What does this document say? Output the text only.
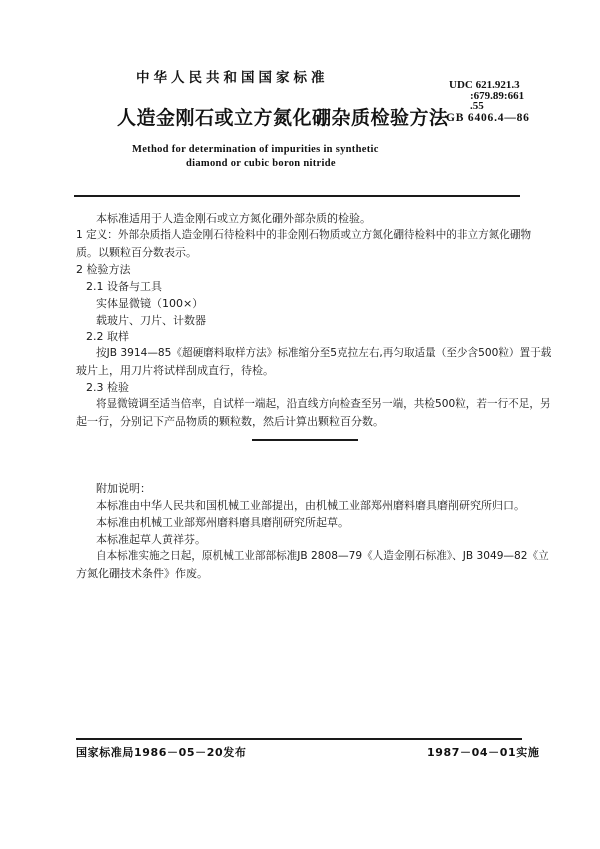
中华人民共和国国家标准
人造金刚石或立方氮化硼杂质检验方法
UDC 621.921.3
:679.89:661
.55
GB 6406.4—86
Method for determination of impurities in synthetic
diamond or cubic boron nitride
本标准适用于人造金刚石或立方氮化硼外部杂质的检验。
1 定义：外部杂质指人造金刚石待检料中的非金刚石物质或立方氮化硼待检料中的非立方氮化硼物
质。以颗粒百分数表示。
2 检验方法
2.1 设备与工具
实体显微镜（100×）
载玻片、刀片、计数器
2.2 取样
按JB 3914—85《超硬磨料取样方法》标准缩分至5克拉左右,再匀取适量（至少含500粒）置于载
玻片上，用刀片将试样刮成直行，待检。
2.3 检验
将显微镜调至适当倍率，自试样一端起，沿直线方向检查至另一端，共检500粒，若一行不足，另
起一行，分别记下产品物质的颗粒数，然后计算出颗粒百分数。
附加说明：
本标准由中华人民共和国机械工业部提出，由机械工业部郑州磨料磨具磨削研究所归口。
本标准由机械工业部郑州磨料磨具磨削研究所起草。
本标准起草人黄祥芬。
自本标准实施之日起，原机械工业部部标准JB 2808—79《人造金刚石标准》、JB 3049—82《立
方氮化硼技术条件》作废。
国家标准局1986－05－20发布	1987－04－01实施
